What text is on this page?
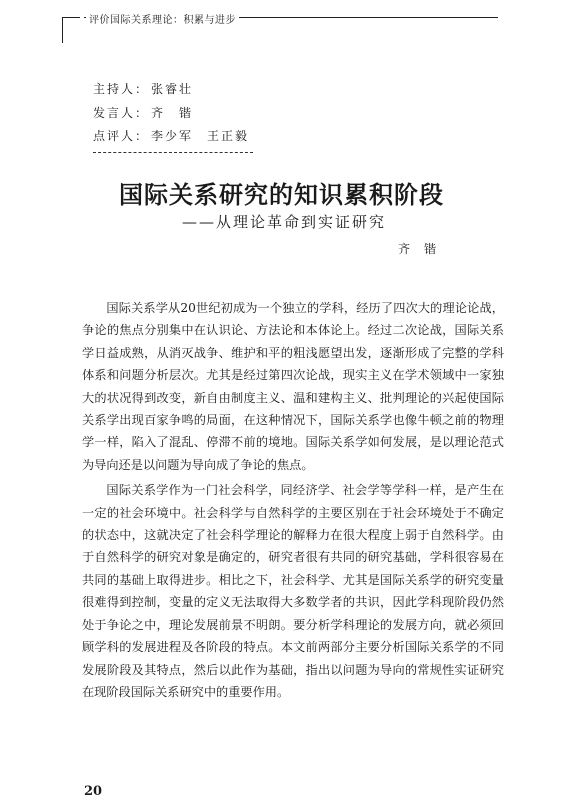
评价国际关系理论：积累与进步
主持人： 张睿壮
发言人： 齐　锴
点评人： 李少军　王正毅
国际关系研究的知识累积阶段
——从理论革命到实证研究
齐锴

国际关系学从20世纪初成为一个独立的学科，经历了四次大的理论论战，争论的焦点分别集中在认识论、方法论和本体论上。经过二次论战，国际关系学日益成熟，从消灭战争、维护和平的粗浅愿望出发，逐渐形成了完整的学科体系和问题分析层次。尤其是经过第四次论战，现实主义在学术领域中一家独大的状况得到改变，新自由制度主义、温和建构主义、批判理论的兴起使国际关系学出现百家争鸣的局面，在这种情况下，国际关系学也像牛顿之前的物理学一样，陷入了混乱、停滞不前的境地。国际关系学如何发展，是以理论范式为导向还是以问题为导向成了争论的焦点。

国际关系学作为一门社会科学，同经济学、社会学等学科一样，是产生在一定的社会环境中。社会科学与自然科学的主要区别在于社会环境处于不确定的状态中，这就决定了社会科学理论的解释力在很大程度上弱于自然科学。由于自然科学的研究对象是确定的，研究者很有共同的研究基础，学科很容易在共同的基础上取得进步。相比之下，社会科学、尤其是国际关系学的研究变量很难得到控制，变量的定义无法取得大多数学者的共识，因此学科现阶段仍然处于争论之中，理论发展前景不明朗。要分析学科理论的发展方向，就必须回顾学科的发展进程及各阶段的特点。本文前两部分主要分析国际关系学的不同发展阶段及其特点，然后以此作为基础，指出以问题为导向的常规性实证研究在现阶段国际关系研究中的重要作用。

20
